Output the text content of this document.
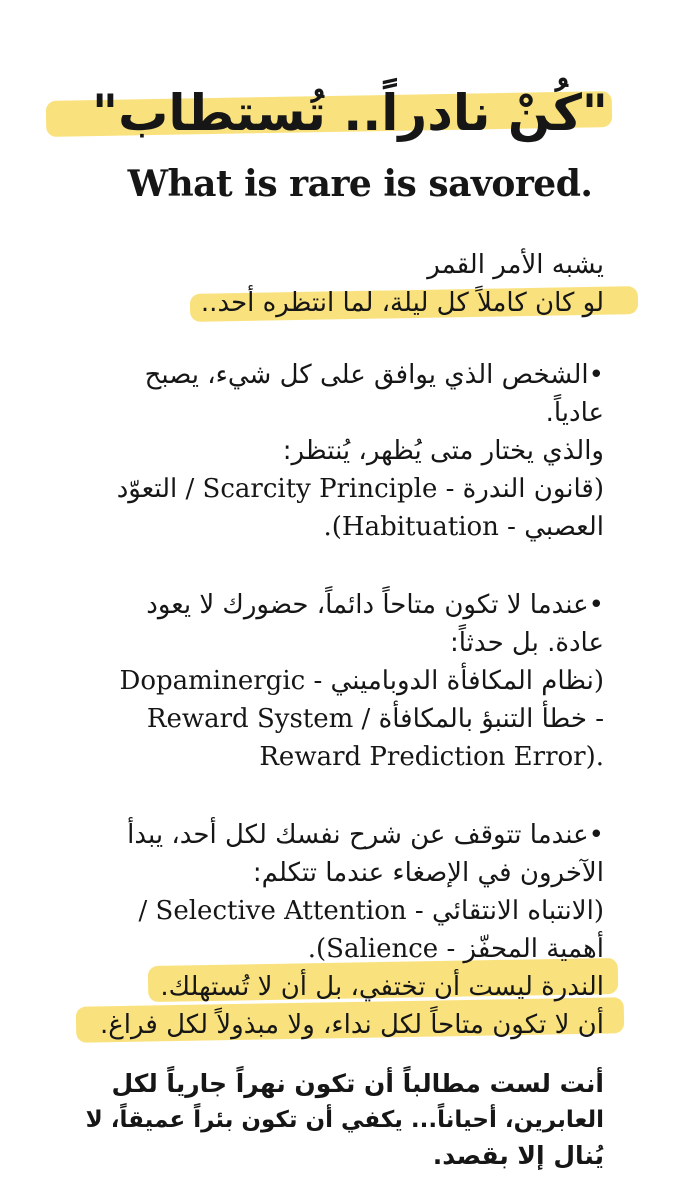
"كُنْ نادراً.. تُستطاب"
What is rare is savored.
يشبه الأمر القمر
لو كان كاملاً كل ليلة، لما انتظره أحد..
•الشخص الذي يوافق على كل شيء، يصبح
عادياً.
والذي يختار متى يُظهر، يُنتظر:
(قانون الندرة - Scarcity Principle / التعوّد
العصبي - Habituation).
•عندما لا تكون متاحاً دائماً، حضورك لا يعود
عادة. بل حدثاً:
(نظام المكافأة الدوباميني - Dopaminergic
Reward System / خطأ التنبؤ بالمكافأة -
Reward Prediction Error).
•عندما تتوقف عن شرح نفسك لكل أحد، يبدأ
الآخرون في الإصغاء عندما تتكلم:
(الانتباه الانتقائي - Selective Attention /
أهمية المحفّز - Salience).
الندرة ليست أن تختفي، بل أن لا تُستهلك.
أن لا تكون متاحاً لكل نداء، ولا مبذولاً لكل فراغ.
أنت لست مطالباً أن تكون نهراً جارياً لكل
العابرين، أحياناً... يكفي أن تكون بئراً عميقاً، لا
يُنال إلا بقصد.
